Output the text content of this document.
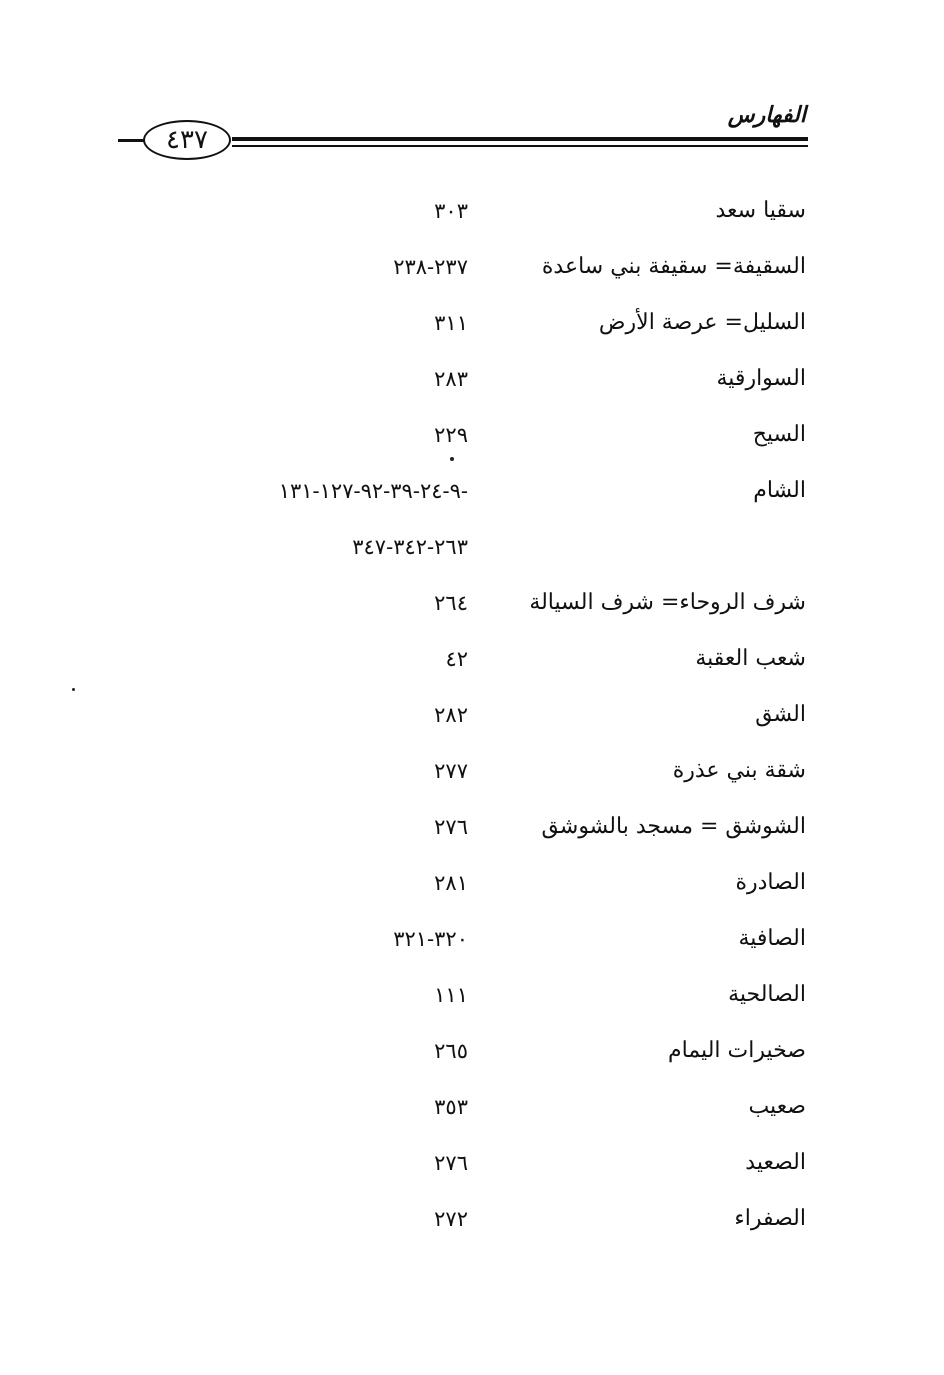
الفهارس
٤٣٧
سقيا سعد
٣٠٣
السقيفة= سقيفة بني ساعدة
٢٣٧-٢٣٨
السليل= عرصة الأرض
٣١١
السوارقية
٢٨٣
السيح
٢٢٩
الشام
-٩-٢٤-٣٩-٩٢-١٢٧-١٣١
٢٦٣-٣٤٢-٣٤٧
شرف الروحاء= شرف السيالة
٢٦٤
شعب العقبة
٤٢
الشق
٢٨٢
شقة بني عذرة
٢٧٧
الشوشق = مسجد بالشوشق
٢٧٦
الصادرة
٢٨١
الصافية
٣٢٠-٣٢١
الصالحية
١١١
صخيرات اليمام
٢٦٥
صعيب
٣٥٣
الصعيد
٢٧٦
الصفراء
٢٧٢
